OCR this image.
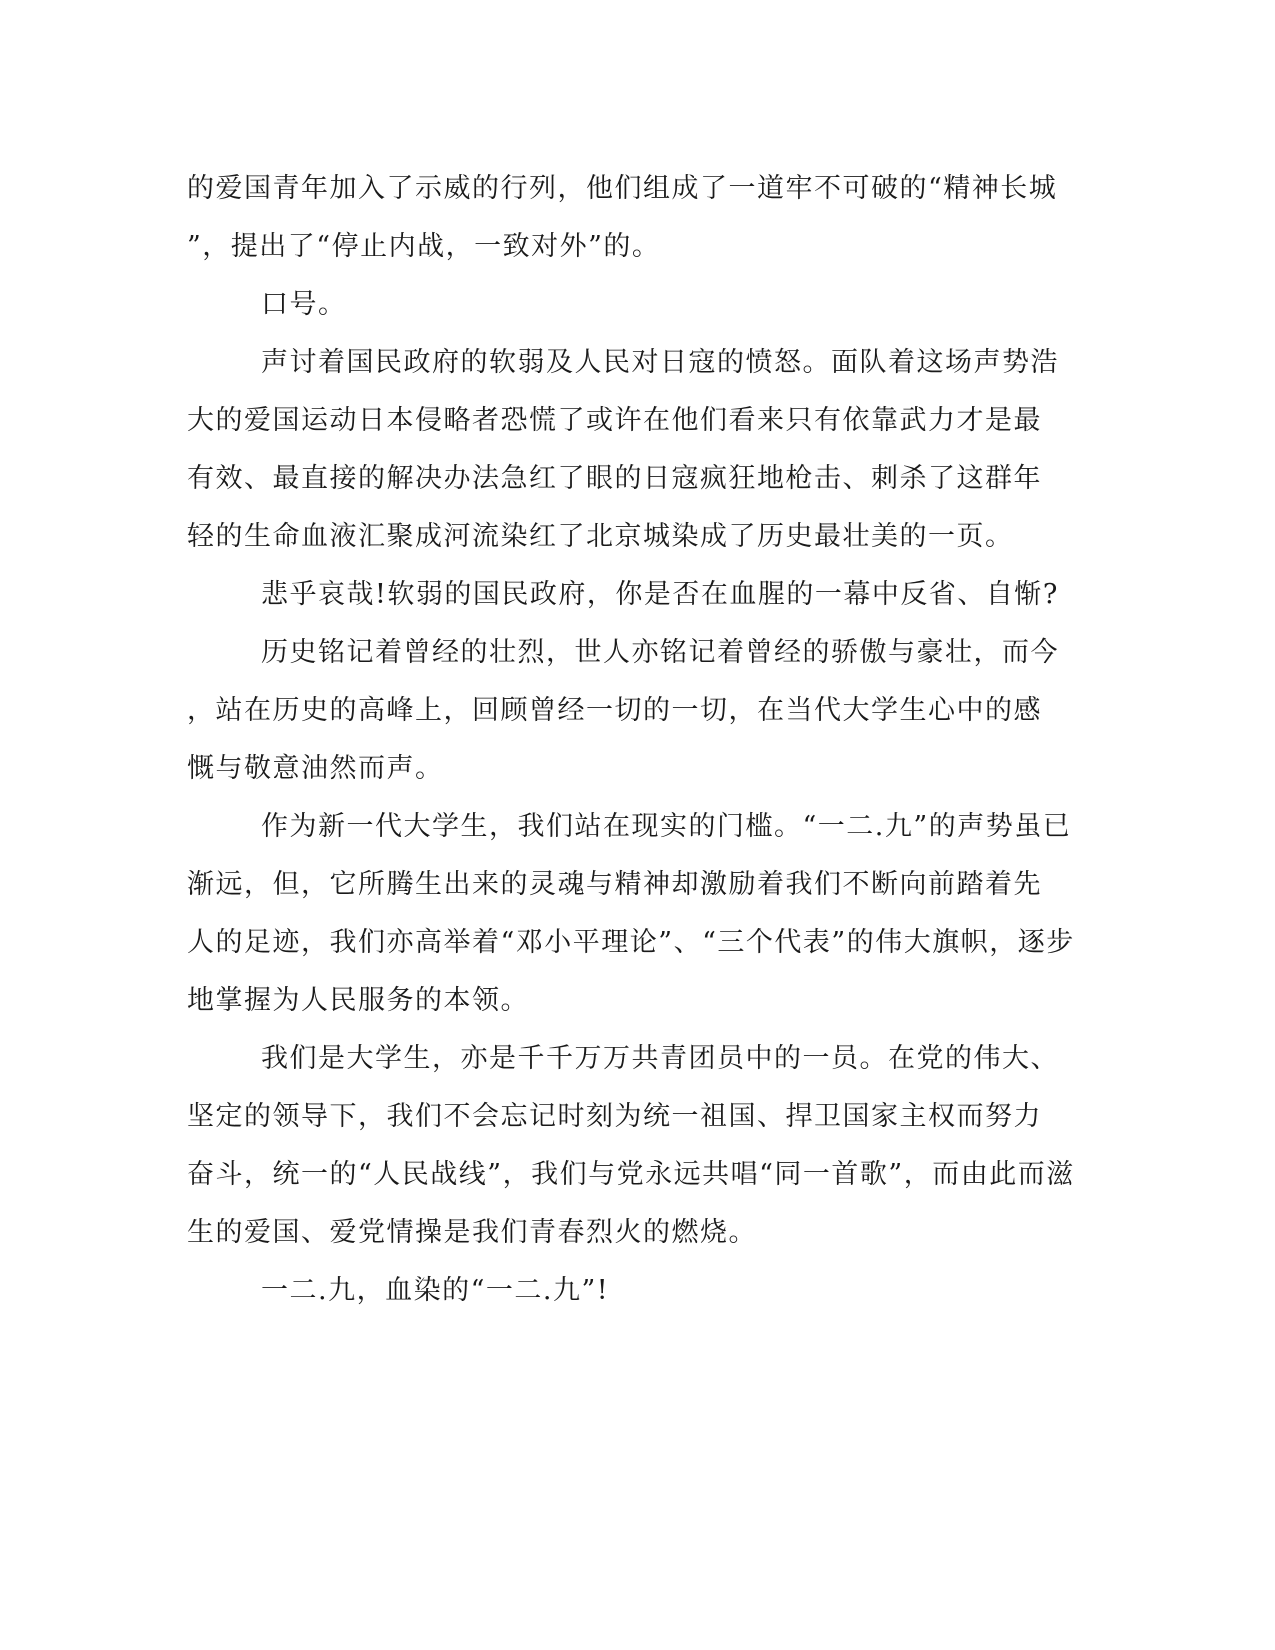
的爱国青年加入了示威的行列，他们组成了一道牢不可破的“精神长城
”，提出了“停止内战，一致对外”的。
口号。
声讨着国民政府的软弱及人民对日寇的愤怒。面队着这场声势浩
大的爱国运动日本侵略者恐慌了或许在他们看来只有依靠武力才是最
有效、最直接的解决办法急红了眼的日寇疯狂地枪击、刺杀了这群年
轻的生命血液汇聚成河流染红了北京城染成了历史最壮美的一页。
悲乎哀哉!软弱的国民政府，你是否在血腥的一幕中反省、自惭?
历史铭记着曾经的壮烈，世人亦铭记着曾经的骄傲与豪壮，而今
，站在历史的高峰上，回顾曾经一切的一切，在当代大学生心中的感
慨与敬意油然而声。
作为新一代大学生，我们站在现实的门槛。“一二.九”的声势虽已
渐远，但，它所腾生出来的灵魂与精神却激励着我们不断向前踏着先
人的足迹，我们亦高举着“邓小平理论”、“三个代表”的伟大旗帜，逐步
地掌握为人民服务的本领。
我们是大学生，亦是千千万万共青团员中的一员。在党的伟大、
坚定的领导下，我们不会忘记时刻为统一祖国、捍卫国家主权而努力
奋斗，统一的“人民战线”，我们与党永远共唱“同一首歌”，而由此而滋
生的爱国、爱党情操是我们青春烈火的燃烧。
一二.九，血染的“一二.九”!
